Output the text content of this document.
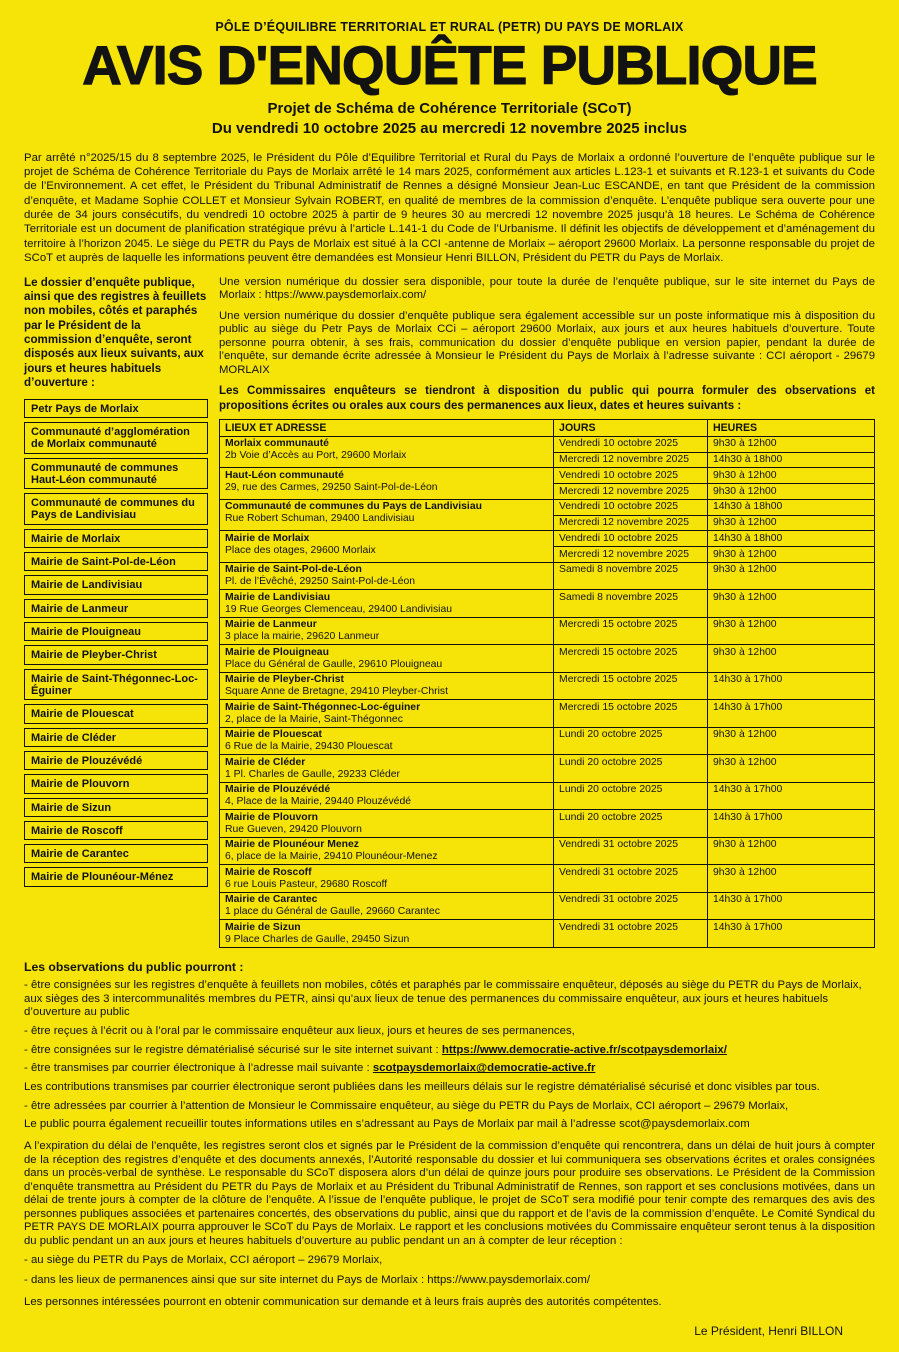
PÔLE D’ÉQUILIBRE TERRITORIAL ET RURAL (PETR) DU PAYS DE MORLAIX
AVIS D'ENQUÊTE PUBLIQUE
Projet de Schéma de Cohérence Territoriale (SCoT)
Du vendredi 10 octobre 2025 au mercredi 12 novembre 2025 inclus

Par arrêté n°2025/15 du 8 septembre 2025, le Président du Pôle d’Equilibre Territorial et Rural du Pays de Morlaix a ordonné l’ouverture de l’enquête publique sur le projet de Schéma de Cohérence Territoriale du Pays de Morlaix arrêté le 14 mars 2025, conformément aux articles L.123-1 et suivants et R.123-1 et suivants du Code de l’Environnement. A cet effet, le Président du Tribunal Administratif de Rennes a désigné Monsieur Jean-Luc ESCANDE, en tant que Président de la commission d’enquête, et Madame Sophie COLLET et Monsieur Sylvain ROBERT, en qualité de membres de la commission d’enquête. L’enquête publique sera ouverte pour une durée de 34 jours consécutifs, du vendredi 10 octobre 2025 à partir de 9 heures 30 au mercredi 12 novembre 2025 jusqu’à 18 heures. Le Schéma de Cohérence Territoriale est un document de planification stratégique prévu à l’article L.141-1 du Code de l’Urbanisme. Il définit les objectifs de développement et d’aménagement du territoire à l’horizon 2045. Le siège du PETR du Pays de Morlaix est situé à la CCI -antenne de Morlaix – aéroport 29600 Morlaix. La personne responsable du projet de SCoT et auprès de laquelle les informations peuvent être demandées est Monsieur Henri BILLON, Président du PETR du Pays de Morlaix.

Le dossier d’enquête publique, ainsi que des registres à feuillets non mobiles, côtés et paraphés par le Président de la commission d’enquête, seront disposés aux lieux suivants, aux jours et heures habituels d’ouverture :
Petr Pays de Morlaix
Communauté d’agglomération de Morlaix communauté
Communauté de communes Haut-Léon communauté
Communauté de communes du Pays de Landivisiau
Mairie de Morlaix
Mairie de Saint-Pol-de-Léon
Mairie de Landivisiau
Mairie de Lanmeur
Mairie de Plouigneau
Mairie de Pleyber-Christ
Mairie de Saint-Thégonnec-Loc-Éguiner
Mairie de Plouescat
Mairie de Cléder
Mairie de Plouzévédé
Mairie de Plouvorn
Mairie de Sizun
Mairie de Roscoff
Mairie de Carantec
Mairie de Plounéour-Ménez

Une version numérique du dossier sera disponible, pour toute la durée de l’enquête publique, sur le site internet du Pays de Morlaix : https://www.paysdemorlaix.com/

Une version numérique du dossier d’enquête publique sera également accessible sur un poste informatique mis à disposition du public au siège du Petr Pays de Morlaix CCi – aéroport 29600 Morlaix, aux jours et aux heures habituels d’ouverture. Toute personne pourra obtenir, à ses frais, communication du dossier d’enquête publique en version papier, pendant la durée de l’enquête, sur demande écrite adressée à Monsieur le Président du Pays de Morlaix à l’adresse suivante : CCI aéroport - 29679 MORLAIX

Les Commissaires enquêteurs se tiendront à disposition du public qui pourra formuler des observations et propositions écrites ou orales aux cours des permanences aux lieux, dates et heures suivants :

LIEUX ET ADRESSE	JOURS	HEURES

Morlaix communauté
2b Voie d’Accès au Port, 29600 Morlaix	Vendredi 10 octobre 2025	9h30 à 12h00
	Mercredi 12 novembre 2025	14h30 à 18h00

Haut-Léon communauté
29, rue des Carmes, 29250 Saint-Pol-de-Léon	Vendredi 10 octobre 2025	9h30 à 12h00
	Mercredi 12 novembre 2025	9h30 à 12h00

Communauté de communes du Pays de Landivisiau
Rue Robert Schuman, 29400 Landivisiau	Vendredi 10 octobre 2025	14h30 à 18h00
	Mercredi 12 novembre 2025	9h30 à 12h00

Mairie de Morlaix
Place des otages, 29600 Morlaix	Vendredi 10 octobre 2025	14h30 à 18h00
	Mercredi 12 novembre 2025	9h30 à 12h00

Mairie de Saint-Pol-de-Léon
Pl. de l’Évêché, 29250 Saint-Pol-de-Léon	Samedi 8 novembre 2025	9h30 à 12h00

Mairie de Landivisiau
19 Rue Georges Clemenceau, 29400 Landivisiau	Samedi 8 novembre 2025	9h30 à 12h00

Mairie de Lanmeur
3 place la mairie, 29620 Lanmeur	Mercredi 15 octobre 2025	9h30 à 12h00

Mairie de Plouigneau
Place du Général de Gaulle, 29610 Plouigneau	Mercredi 15 octobre 2025	9h30 à 12h00

Mairie de Pleyber-Christ
Square Anne de Bretagne, 29410 Pleyber-Christ	Mercredi 15 octobre 2025	14h30 à 17h00

Mairie de Saint-Thégonnec-Loc-éguiner
2, place de la Mairie, Saint-Thégonnec	Mercredi 15 octobre 2025	14h30 à 17h00

Mairie de Plouescat
6 Rue de la Mairie, 29430 Plouescat	Lundi 20 octobre 2025	9h30 à 12h00

Mairie de Cléder
1 Pl. Charles de Gaulle, 29233 Cléder	Lundi 20 octobre 2025	9h30 à 12h00

Mairie de Plouzévédé
4, Place de la Mairie, 29440 Plouzévédé	Lundi 20 octobre 2025	14h30 à 17h00

Mairie de Plouvorn
Rue Gueven, 29420 Plouvorn	Lundi 20 octobre 2025	14h30 à 17h00

Mairie de Plounéour Menez
6, place de la Mairie, 29410 Plounéour-Menez	Vendredi 31 octobre 2025	9h30 à 12h00

Mairie de Roscoff
6 rue Louis Pasteur, 29680 Roscoff	Vendredi 31 octobre 2025	9h30 à 12h00

Mairie de Carantec
1 place du Général de Gaulle, 29660 Carantec	Vendredi 31 octobre 2025	14h30 à 17h00

Mairie de Sizun
9 Place Charles de Gaulle, 29450 Sizun	Vendredi 31 octobre 2025	14h30 à 17h00
Les observations du public pourront :
- être consignées sur les registres d’enquête à feuillets non mobiles, côtés et paraphés par le commissaire enquêteur, déposés au siège du PETR du Pays de Morlaix, aux sièges des 3 intercommunalités membres du PETR, ainsi qu’aux lieux de tenue des permanences du commissaire enquêteur, aux jours et heures habituels d’ouverture au public
- être reçues à l’écrit ou à l’oral par le commissaire enquêteur aux lieux, jours et heures de ses permanences,
- être consignées sur le registre dématérialisé sécurisé sur le site internet suivant : https://www.democratie-active.fr/scotpaysdemorlaix/
- être transmises par courrier électronique à l’adresse mail suivante : scotpaysdemorlaix@democratie-active.fr
Les contributions transmises par courrier électronique seront publiées dans les meilleurs délais sur le registre dématérialisé sécurisé et donc visibles par tous.
- être adressées par courrier à l’attention de Monsieur le Commissaire enquêteur, au siège du PETR du Pays de Morlaix, CCI aéroport – 29679 Morlaix,
Le public pourra également recueillir toutes informations utiles en s’adressant au Pays de Morlaix par mail à l’adresse scot@paysdemorlaix.com

A l’expiration du délai de l’enquête, les registres seront clos et signés par le Président de la commission d’enquête qui rencontrera, dans un délai de huit jours à compter de la réception des registres d’enquête et des documents annexés, l’Autorité responsable du dossier et lui communiquera ses observations écrites et orales consignées dans un procès-verbal de synthèse. Le responsable du SCoT disposera alors d’un délai de quinze jours pour produire ses observations. Le Président de la Commission d’enquête transmettra au Président du PETR du Pays de Morlaix et au Président du Tribunal Administratif de Rennes, son rapport et ses conclusions motivées, dans un délai de trente jours à compter de la clôture de l’enquête. A l’issue de l’enquête publique, le projet de SCoT sera modifié pour tenir compte des remarques des avis des personnes publiques associées et partenaires concertés, des observations du public, ainsi que du rapport et de l’avis de la commission d’enquête. Le Comité Syndical du PETR PAYS DE MORLAIX pourra approuver le SCoT du Pays de Morlaix. Le rapport et les conclusions motivées du Commissaire enquêteur seront tenus à la disposition du public pendant un an aux jours et heures habituels d’ouverture au public pendant un an à compter de leur réception :

- au siège du PETR du Pays de Morlaix, CCI aéroport – 29679 Morlaix,
- dans les lieux de permanences ainsi que sur site internet du Pays de Morlaix : https://www.paysdemorlaix.com/

Les personnes intéressées pourront en obtenir communication sur demande et à leurs frais auprès des autorités compétentes.

Le Président, Henri BILLON
